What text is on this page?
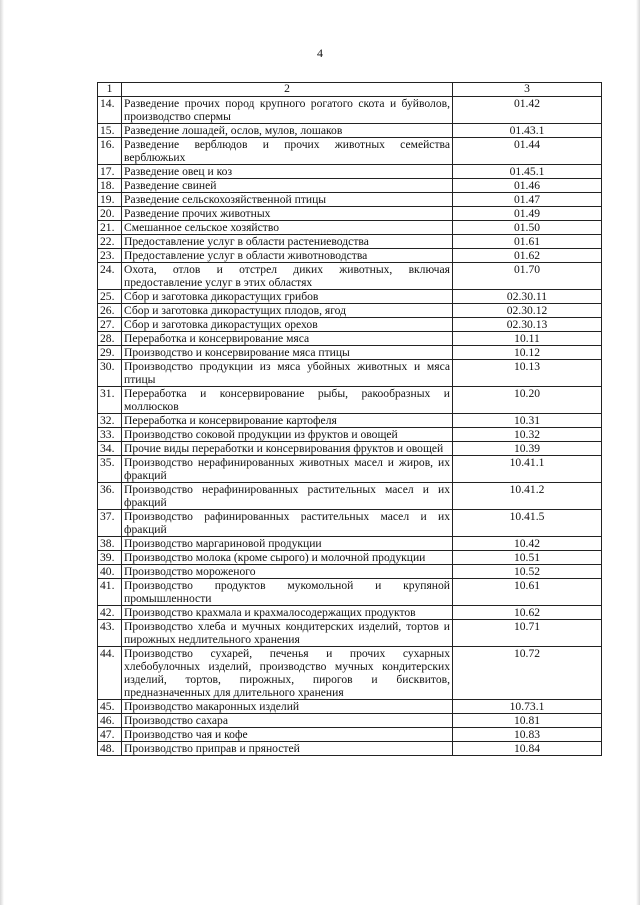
4
1	2	3
14.	Разведение прочих пород крупного рогатого скота и буйволов, производство спермы	01.42
15.	Разведение лошадей, ослов, мулов, лошаков	01.43.1
16.	Разведение верблюдов и прочих животных семейства верблюжьих	01.44
17.	Разведение овец и коз	01.45.1
18.	Разведение свиней	01.46
19.	Разведение сельскохозяйственной птицы	01.47
20.	Разведение прочих животных	01.49
21.	Смешанное сельское хозяйство	01.50
22.	Предоставление услуг в области растениеводства	01.61
23.	Предоставление услуг в области животноводства	01.62
24.	Охота, отлов и отстрел диких животных, включая предоставление услуг в этих областях	01.70
25.	Сбор и заготовка дикорастущих грибов	02.30.11
26.	Сбор и заготовка дикорастущих плодов, ягод	02.30.12
27.	Сбор и заготовка дикорастущих орехов	02.30.13
28.	Переработка и консервирование мяса	10.11
29.	Производство и консервирование мяса птицы	10.12
30.	Производство продукции из мяса убойных животных и мяса птицы	10.13
31.	Переработка и консервирование рыбы, ракообразных и моллюсков	10.20
32.	Переработка и консервирование картофеля	10.31
33.	Производство соковой продукции из фруктов и овощей	10.32
34.	Прочие виды переработки и консервирования фруктов и овощей	10.39
35.	Производство нерафинированных животных масел и жиров, их фракций	10.41.1
36.	Производство нерафинированных растительных масел и их фракций	10.41.2
37.	Производство рафинированных растительных масел и их фракций	10.41.5
38.	Производство маргариновой продукции	10.42
39.	Производство молока (кроме сырого) и молочной продукции	10.51
40.	Производство мороженого	10.52
41.	Производство продуктов мукомольной и крупяной промышленности	10.61
42.	Производство крахмала и крахмалосодержащих продуктов	10.62
43.	Производство хлеба и мучных кондитерских изделий, тортов и пирожных недлительного хранения	10.71
44.	Производство сухарей, печенья и прочих сухарных хлебобулочных изделий, производство мучных кондитерских изделий, тортов, пирожных, пирогов и бисквитов, предназначенных для длительного хранения	10.72
45.	Производство макаронных изделий	10.73.1
46.	Производство сахара	10.81
47.	Производство чая и кофе	10.83
48.	Производство приправ и пряностей	10.84
